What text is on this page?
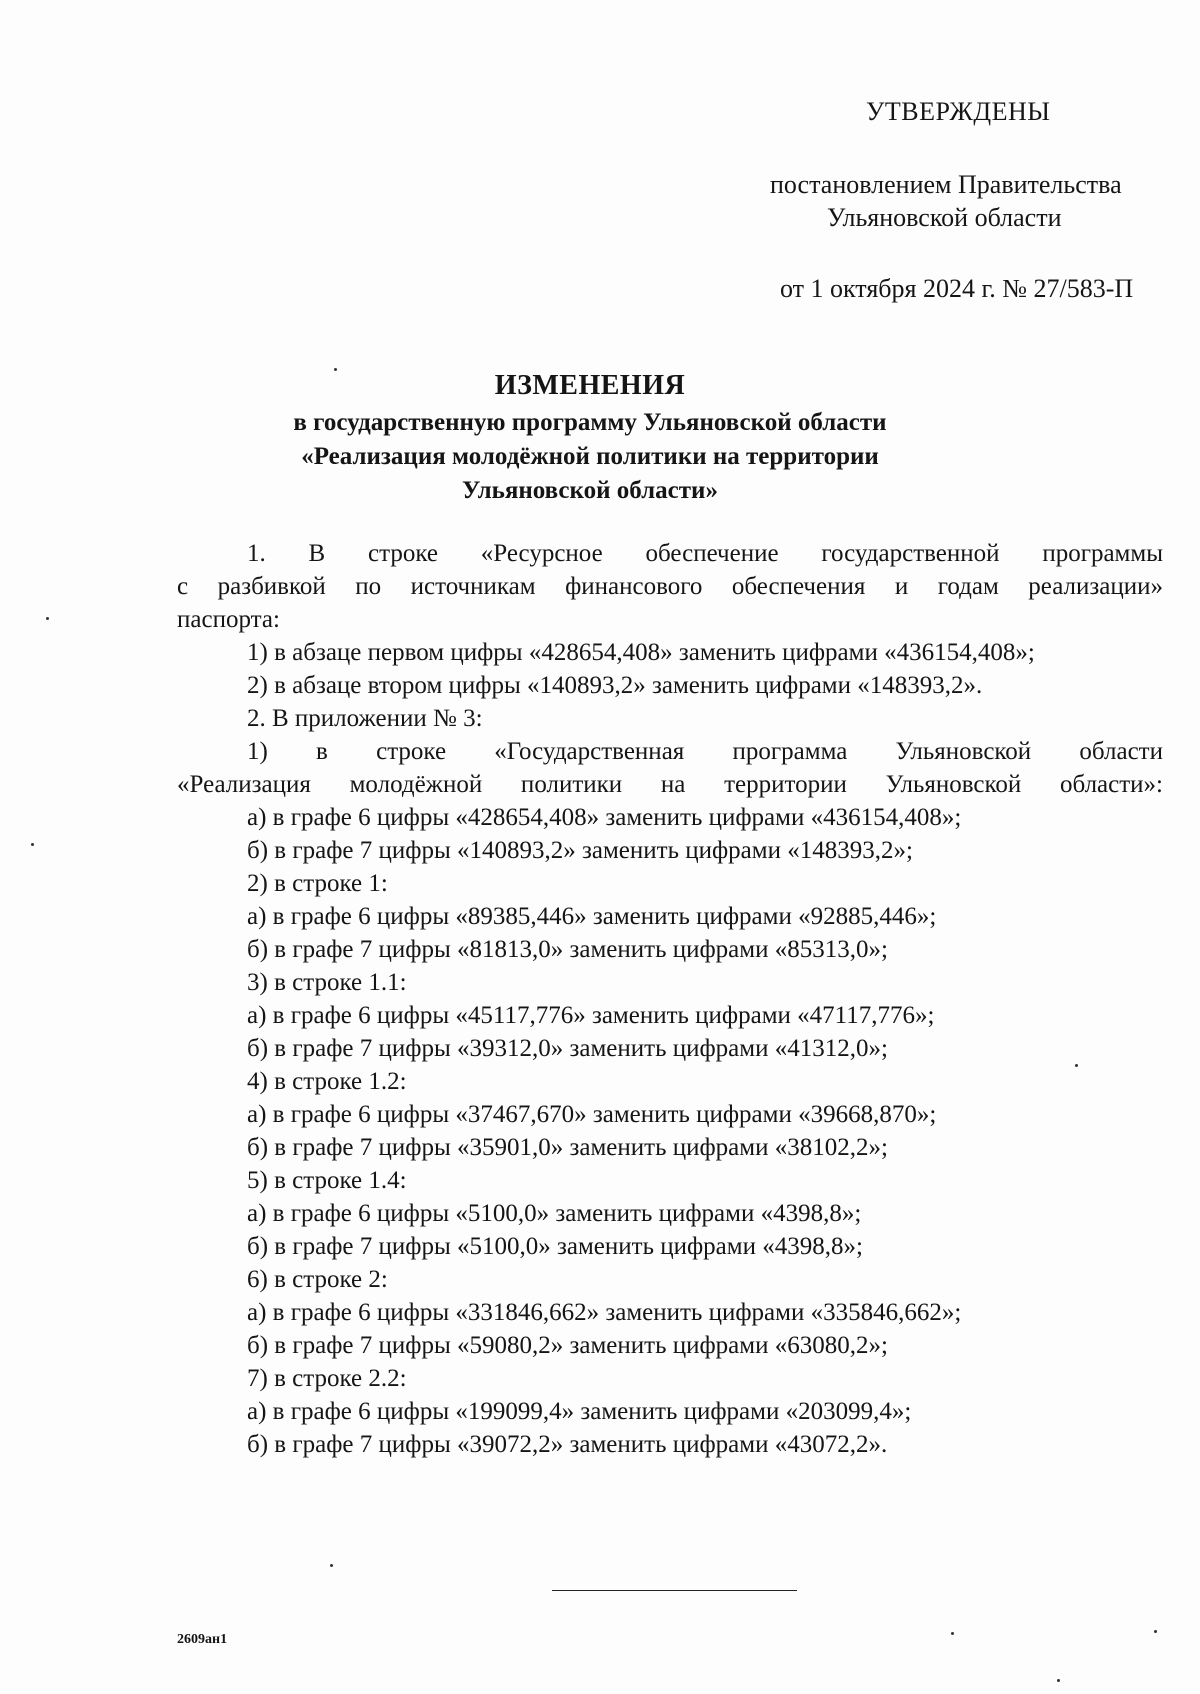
УТВЕРЖДЕНЫ
постановлением Правительства
Ульяновской области
от 1 октября 2024 г. № 27/583-П
ИЗМЕНЕНИЯ
в государственную программу Ульяновской области
«Реализация молодёжной политики на территории
Ульяновской области»

1. В строке «Ресурсное обеспечение государственной программы

с разбивкой по источникам финансового обеспечения и годам реализации»

паспорта:

1) в абзаце первом цифры «428654,408» заменить цифрами «436154,408»;

2) в абзаце втором цифры «140893,2» заменить цифрами «148393,2».

2. В приложении № 3:

1) в строке «Государственная программа Ульяновской области

«Реализация молодёжной политики на территории Ульяновской области»:

а) в графе 6 цифры «428654,408» заменить цифрами «436154,408»;

б) в графе 7 цифры «140893,2» заменить цифрами «148393,2»;

2) в строке 1:

а) в графе 6 цифры «89385,446» заменить цифрами «92885,446»;

б) в графе 7 цифры «81813,0» заменить цифрами «85313,0»;

3) в строке 1.1:

а) в графе 6 цифры «45117,776» заменить цифрами «47117,776»;

б) в графе 7 цифры «39312,0» заменить цифрами «41312,0»;

4) в строке 1.2:

а) в графе 6 цифры «37467,670» заменить цифрами «39668,870»;

б) в графе 7 цифры «35901,0» заменить цифрами «38102,2»;

5) в строке 1.4:

а) в графе 6 цифры «5100,0» заменить цифрами «4398,8»;

б) в графе 7 цифры «5100,0» заменить цифрами «4398,8»;

6) в строке 2:

а) в графе 6 цифры «331846,662» заменить цифрами «335846,662»;

б) в графе 7 цифры «59080,2» заменить цифрами «63080,2»;

7) в строке 2.2:

а) в графе 6 цифры «199099,4» заменить цифрами «203099,4»;

б) в графе 7 цифры «39072,2» заменить цифрами «43072,2».

2609ан1
